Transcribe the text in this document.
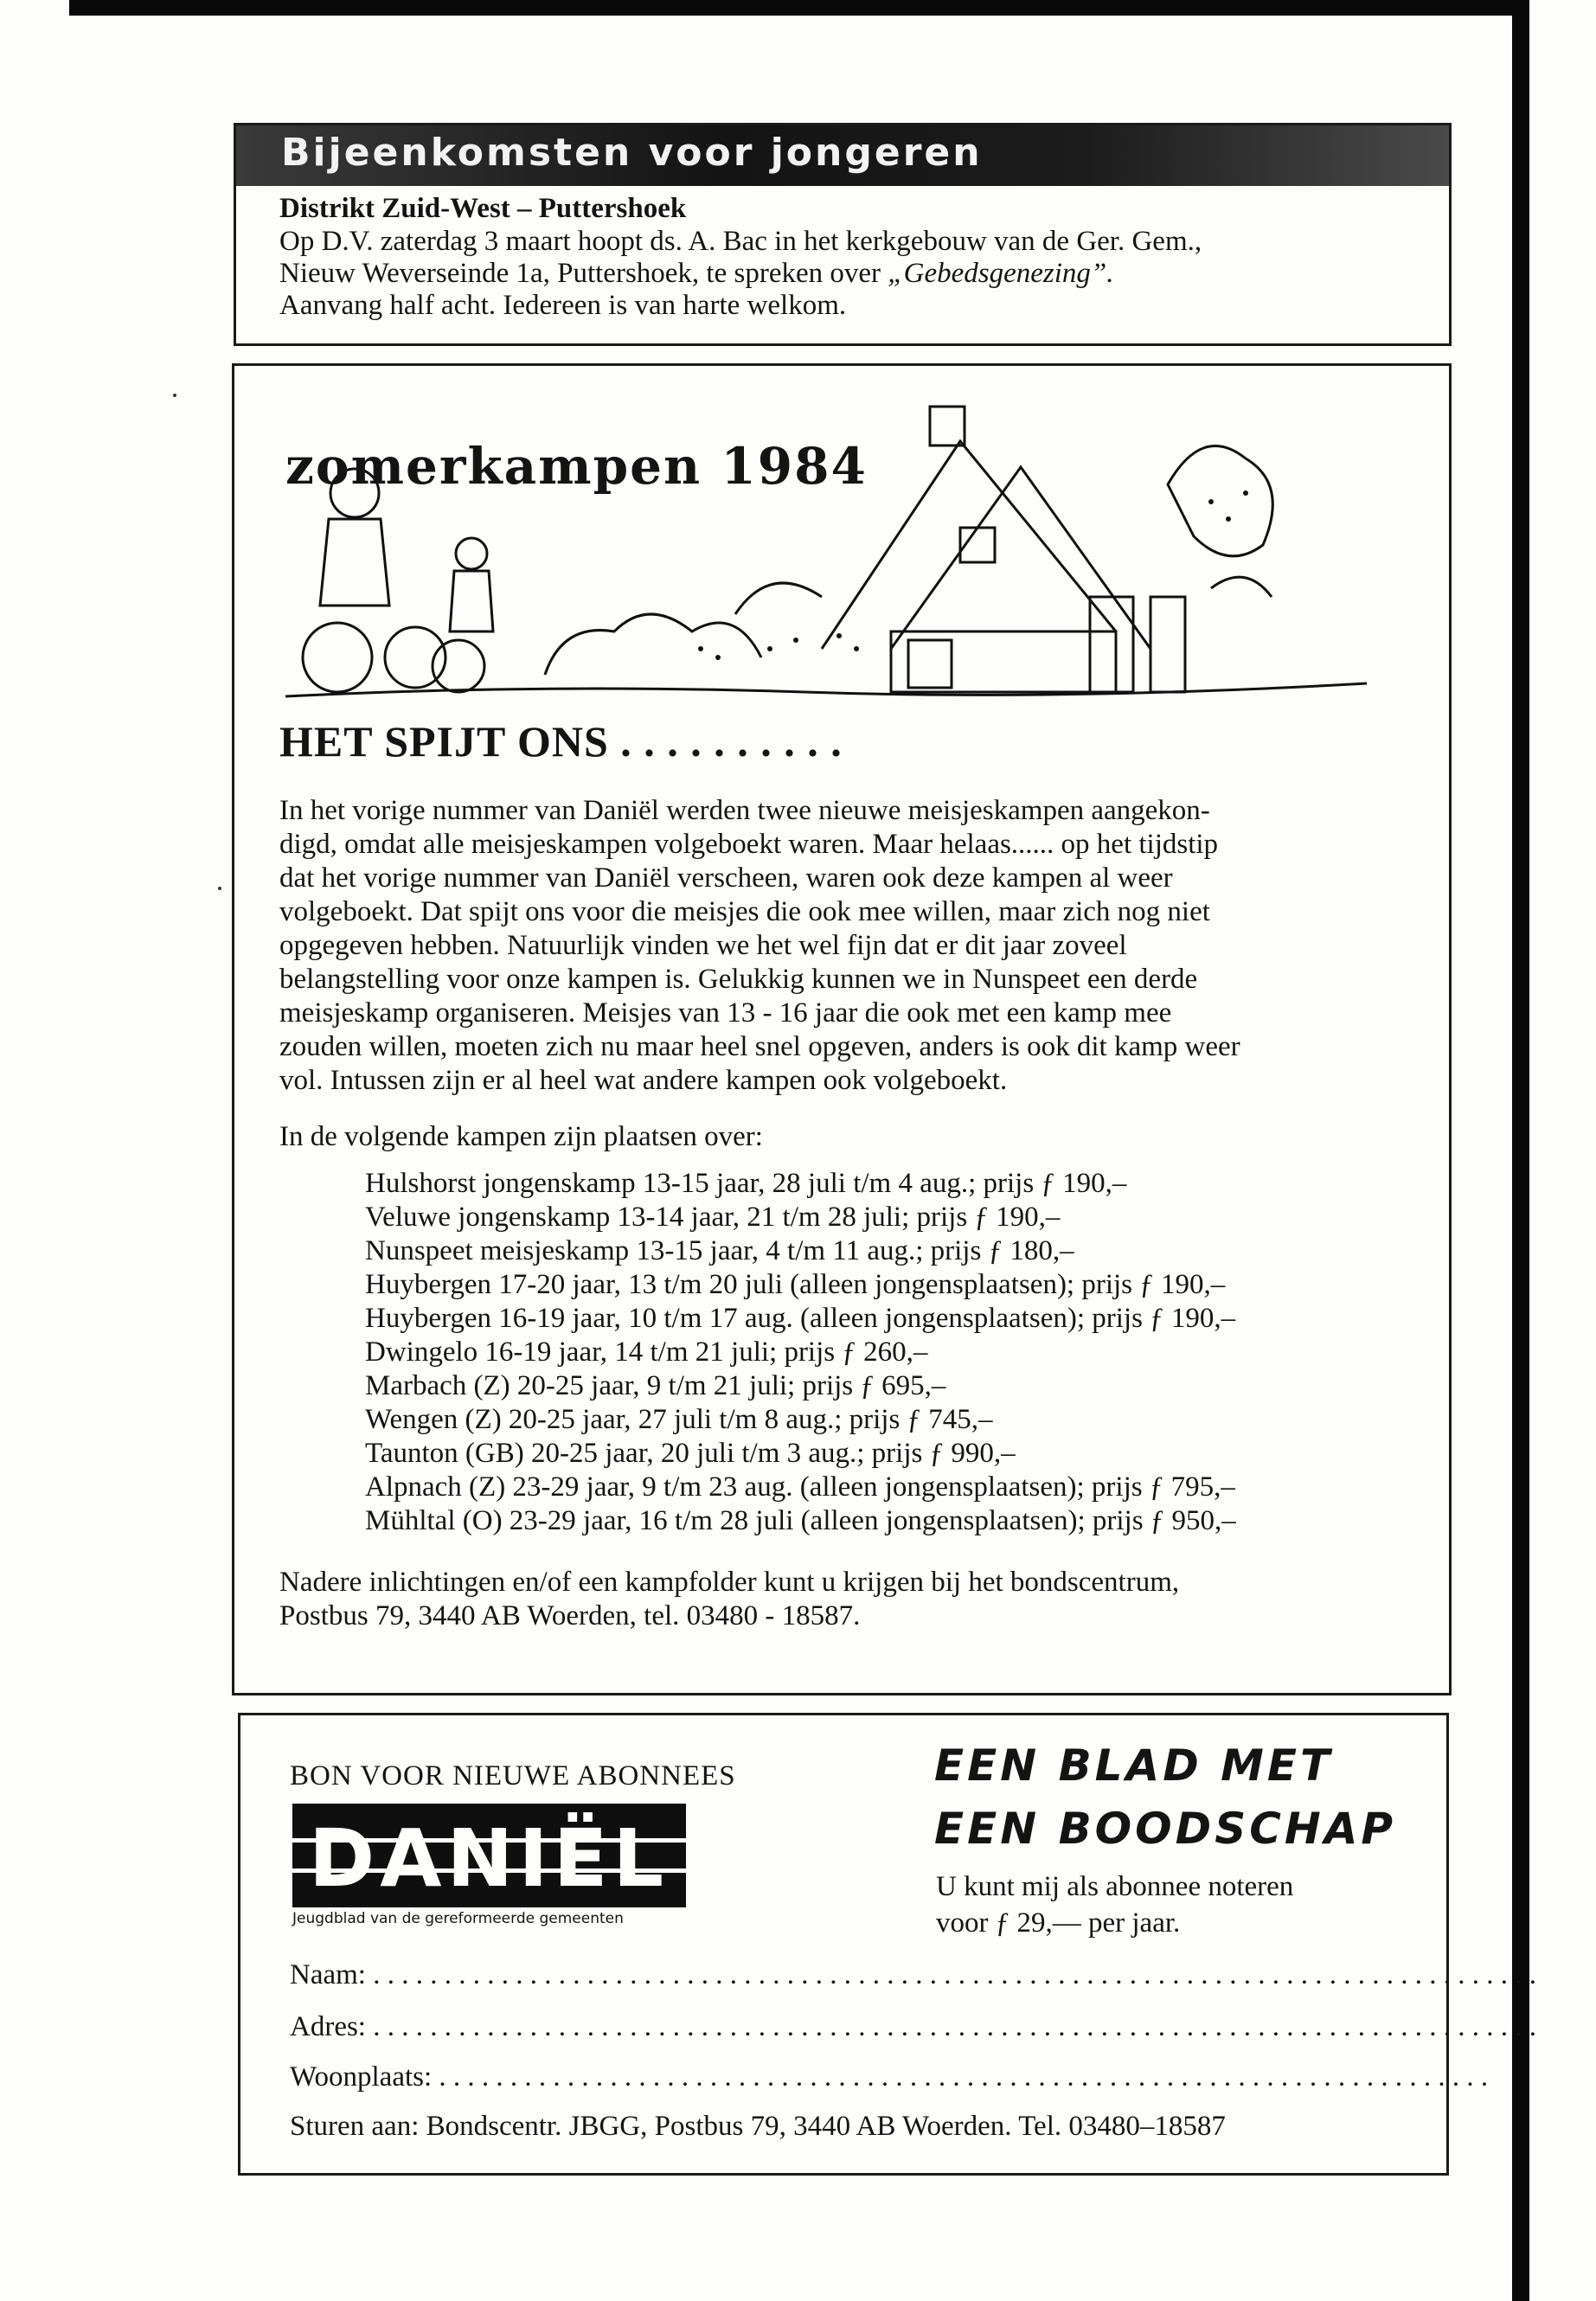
Bijeenkomsten voor jongeren
Distrikt Zuid-West – Puttershoek
Op D.V. zaterdag 3 maart hoopt ds. A. Bac in het kerkgebouw van de Ger. Gem.,
Nieuw Weverseinde 1a, Puttershoek, te spreken over „Gebedsgenezing”.
Aanvang half acht. Iedereen is van harte welkom.
zomerkampen 1984
HET SPIJT ONS . . . . . . . . . .
In het vorige nummer van Daniël werden twee nieuwe meisjeskampen aangekon-
digd, omdat alle meisjeskampen volgeboekt waren. Maar helaas...... op het tijdstip
dat het vorige nummer van Daniël verscheen, waren ook deze kampen al weer
volgeboekt. Dat spijt ons voor die meisjes die ook mee willen, maar zich nog niet
opgegeven hebben. Natuurlijk vinden we het wel fijn dat er dit jaar zoveel
belangstelling voor onze kampen is. Gelukkig kunnen we in Nunspeet een derde
meisjeskamp organiseren. Meisjes van 13 - 16 jaar die ook met een kamp mee
zouden willen, moeten zich nu maar heel snel opgeven, anders is ook dit kamp weer
vol. Intussen zijn er al heel wat andere kampen ook volgeboekt.
In de volgende kampen zijn plaatsen over:
Hulshorst jongenskamp 13-15 jaar, 28 juli t/m 4 aug.; prijs ƒ 190,–
Veluwe jongenskamp 13-14 jaar, 21 t/m 28 juli; prijs ƒ 190,–
Nunspeet meisjeskamp 13-15 jaar, 4 t/m 11 aug.; prijs ƒ 180,–
Huybergen 17-20 jaar, 13 t/m 20 juli (alleen jongensplaatsen); prijs ƒ 190,–
Huybergen 16-19 jaar, 10 t/m 17 aug. (alleen jongensplaatsen); prijs ƒ 190,–
Dwingelo 16-19 jaar, 14 t/m 21 juli; prijs ƒ 260,–
Marbach (Z) 20-25 jaar, 9 t/m 21 juli; prijs ƒ 695,–
Wengen (Z) 20-25 jaar, 27 juli t/m 8 aug.; prijs ƒ 745,–
Taunton (GB) 20-25 jaar, 20 juli t/m 3 aug.; prijs ƒ 990,–
Alpnach (Z) 23-29 jaar, 9 t/m 23 aug. (alleen jongensplaatsen); prijs ƒ 795,–
Mühltal (O) 23-29 jaar, 16 t/m 28 juli (alleen jongensplaatsen); prijs ƒ 950,–
Nadere inlichtingen en/of een kampfolder kunt u krijgen bij het bondscentrum,
Postbus 79, 3440 AB Woerden, tel. 03480 - 18587.
BON VOOR NIEUWE ABONNEES
DANIËL
Jeugdblad van de gereformeerde gemeenten
EEN BLAD MET
EEN BOODSCHAP
U kunt mij als abonnee noteren
voor ƒ 29,— per jaar.
Naam: . . . . . . . . . . . . . . . . . . . . . . . . . . . . . . . . . . . . . . . . . . . . . . . . . . . . . . . . . . . . . . . . . . . . . . . . . . . . . . . . . .
Adres: . . . . . . . . . . . . . . . . . . . . . . . . . . . . . . . . . . . . . . . . . . . . . . . . . . . . . . . . . . . . . . . . . . . . . . . . . . . . . . . . . .
Woonplaats: . . . . . . . . . . . . . . . . . . . . . . . . . . . . . . . . . . . . . . . . . . . . . . . . . . . . . . . . . . . . . . . . . . . . . . . . . .
Sturen aan: Bondscentr. JBGG, Postbus 79, 3440 AB Woerden. Tel. 03480–18587
